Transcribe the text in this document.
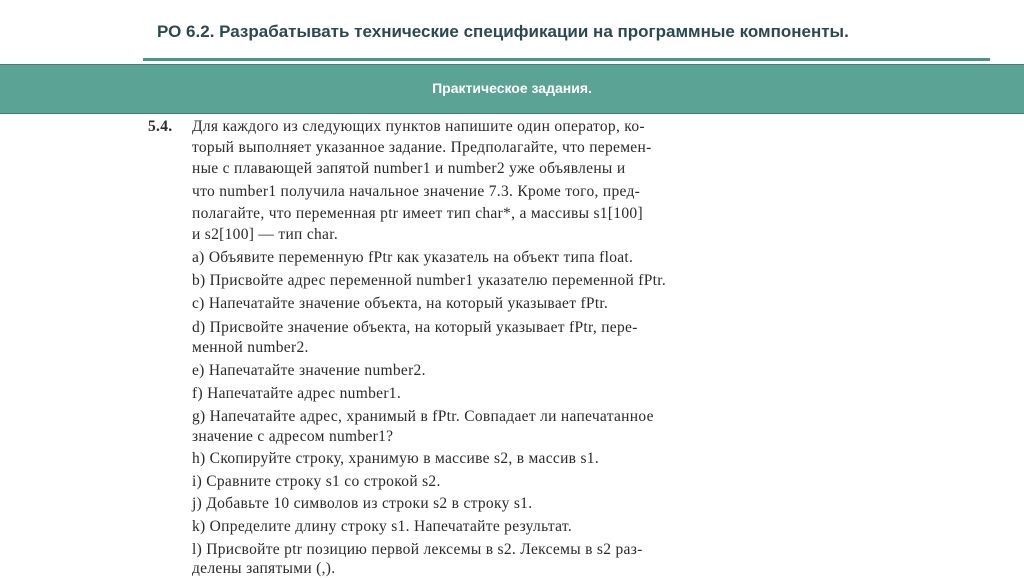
РО 6.2. Разрабатывать технические спецификации на программные компоненты.
Практическое задания.
5.4. Для каждого из следующих пунктов напишите один оператор, ко-
торый выполняет указанное задание. Предполагайте, что перемен-
ные с плавающей запятой number1 и number2 уже объявлены и
что number1 получила начальное значение 7.3. Кроме того, пред-
полагайте, что переменная ptr имеет тип char*, а массивы s1[100]
и s2[100] — тип char.
а) Объявите переменную fPtr как указатель на объект типа float.
b) Присвойте адрес переменной number1 указателю переменной fPtr.
с) Напечатайте значение объекта, на который указывает fPtr.
d) Присвойте значение объекта, на который указывает fPtr, пере-
менной number2.
е) Напечатайте значение number2.
f) Напечатайте адрес number1.
g) Напечатайте адрес, хранимый в fPtr. Совпадает ли напечатанное
значение с адресом number1?
h) Скопируйте строку, хранимую в массиве s2, в массив s1.
i) Сравните строку s1 со строкой s2.
j) Добавьте 10 символов из строки s2 в строку s1.
k) Определите длину строку s1. Напечатайте результат.
l) Присвойте ptr позицию первой лексемы в s2. Лексемы в s2 раз-
делены запятыми (,).
